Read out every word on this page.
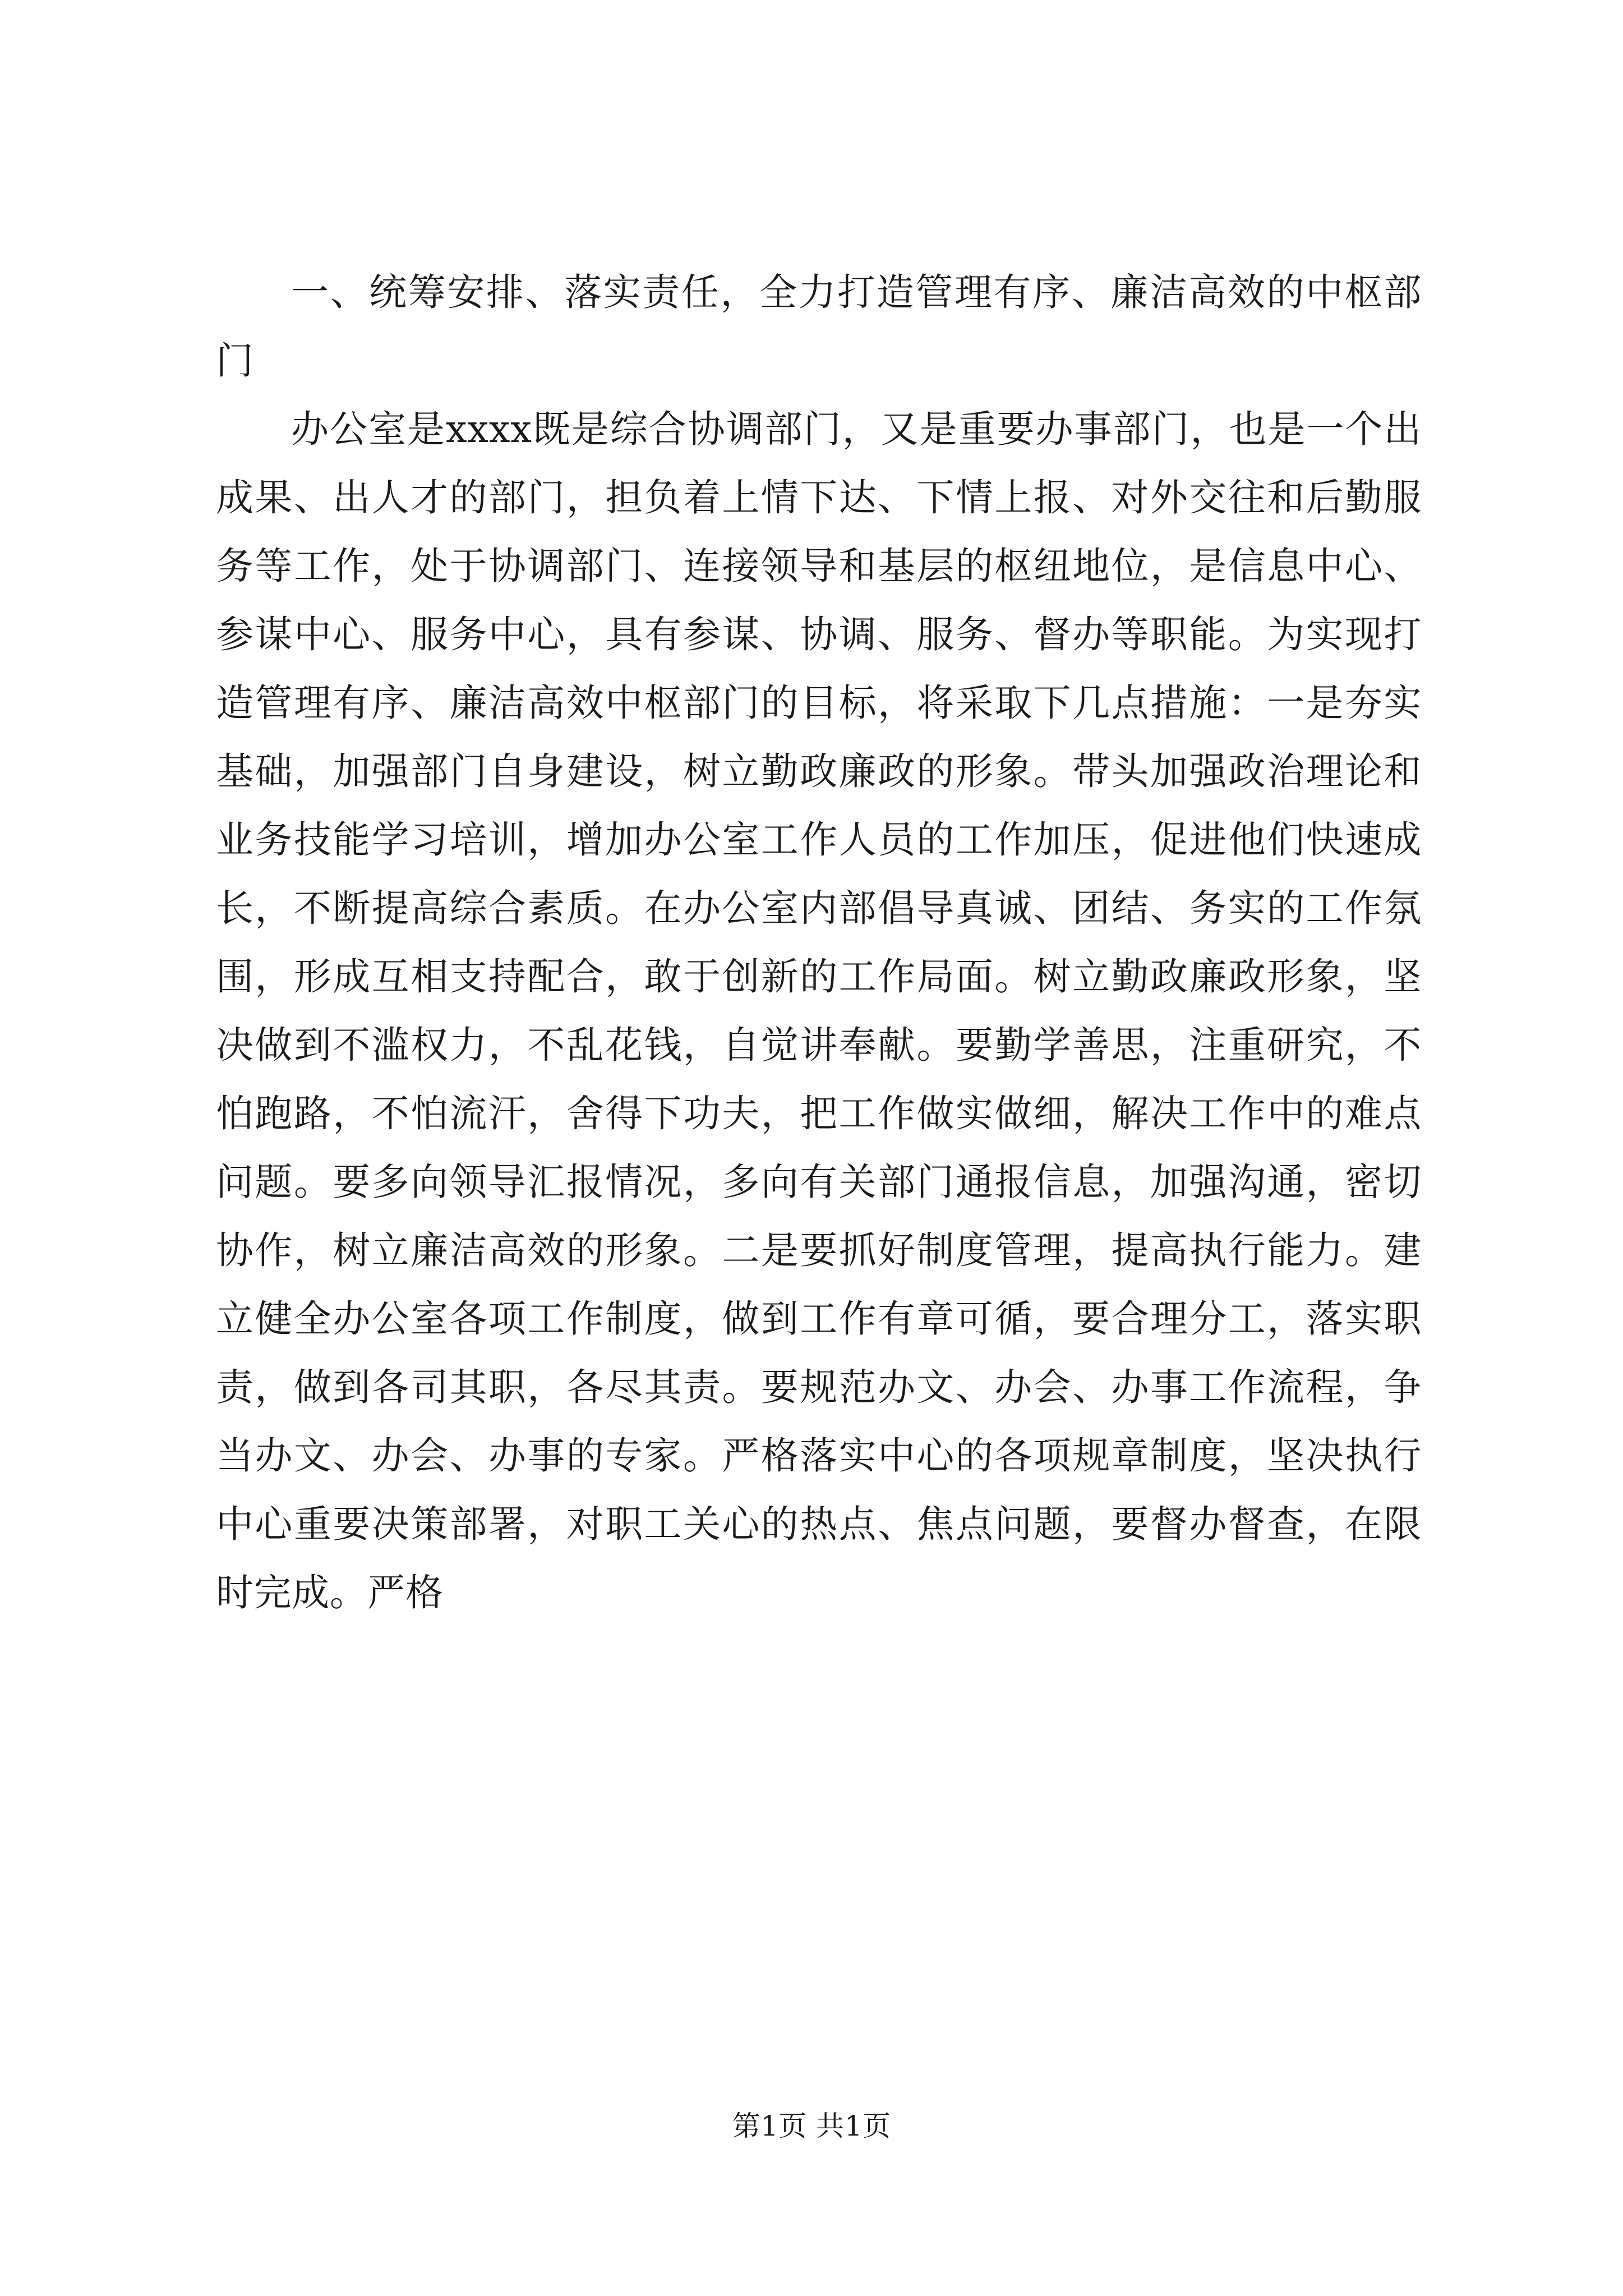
一、统筹安排、落实责任，全力打造管理有序、廉洁高效的中枢部门

办公室是xxxx既是综合协调部门，又是重要办事部门，也是一个出成果、出人才的部门，担负着上情下达、下情上报、对外交往和后勤服务等工作，处于协调部门、连接领导和基层的枢纽地位，是信息中心、参谋中心、服务中心，具有参谋、协调、服务、督办等职能。为实现打造管理有序、廉洁高效中枢部门的目标，将采取下几点措施：一是夯实基础，加强部门自身建设，树立勤政廉政的形象。带头加强政治理论和业务技能学习培训，增加办公室工作人员的工作加压，促进他们快速成长，不断提高综合素质。在办公室内部倡导真诚、团结、务实的工作氛围，形成互相支持配合，敢于创新的工作局面。树立勤政廉政形象，坚决做到不滥权力，不乱花钱，自觉讲奉献。要勤学善思，注重研究，不怕跑路，不怕流汗，舍得下功夫，把工作做实做细，解决工作中的难点问题。要多向领导汇报情况，多向有关部门通报信息，加强沟通，密切协作，树立廉洁高效的形象。二是要抓好制度管理，提高执行能力。建立健全办公室各项工作制度，做到工作有章可循，要合理分工，落实职责，做到各司其职，各尽其责。要规范办文、办会、办事工作流程，争当办文、办会、办事的专家。严格落实中心的各项规章制度，坚决执行中心重要决策部署，对职工关心的热点、焦点问题，要督办督查，在限时完成。严格

第1页 共1页
